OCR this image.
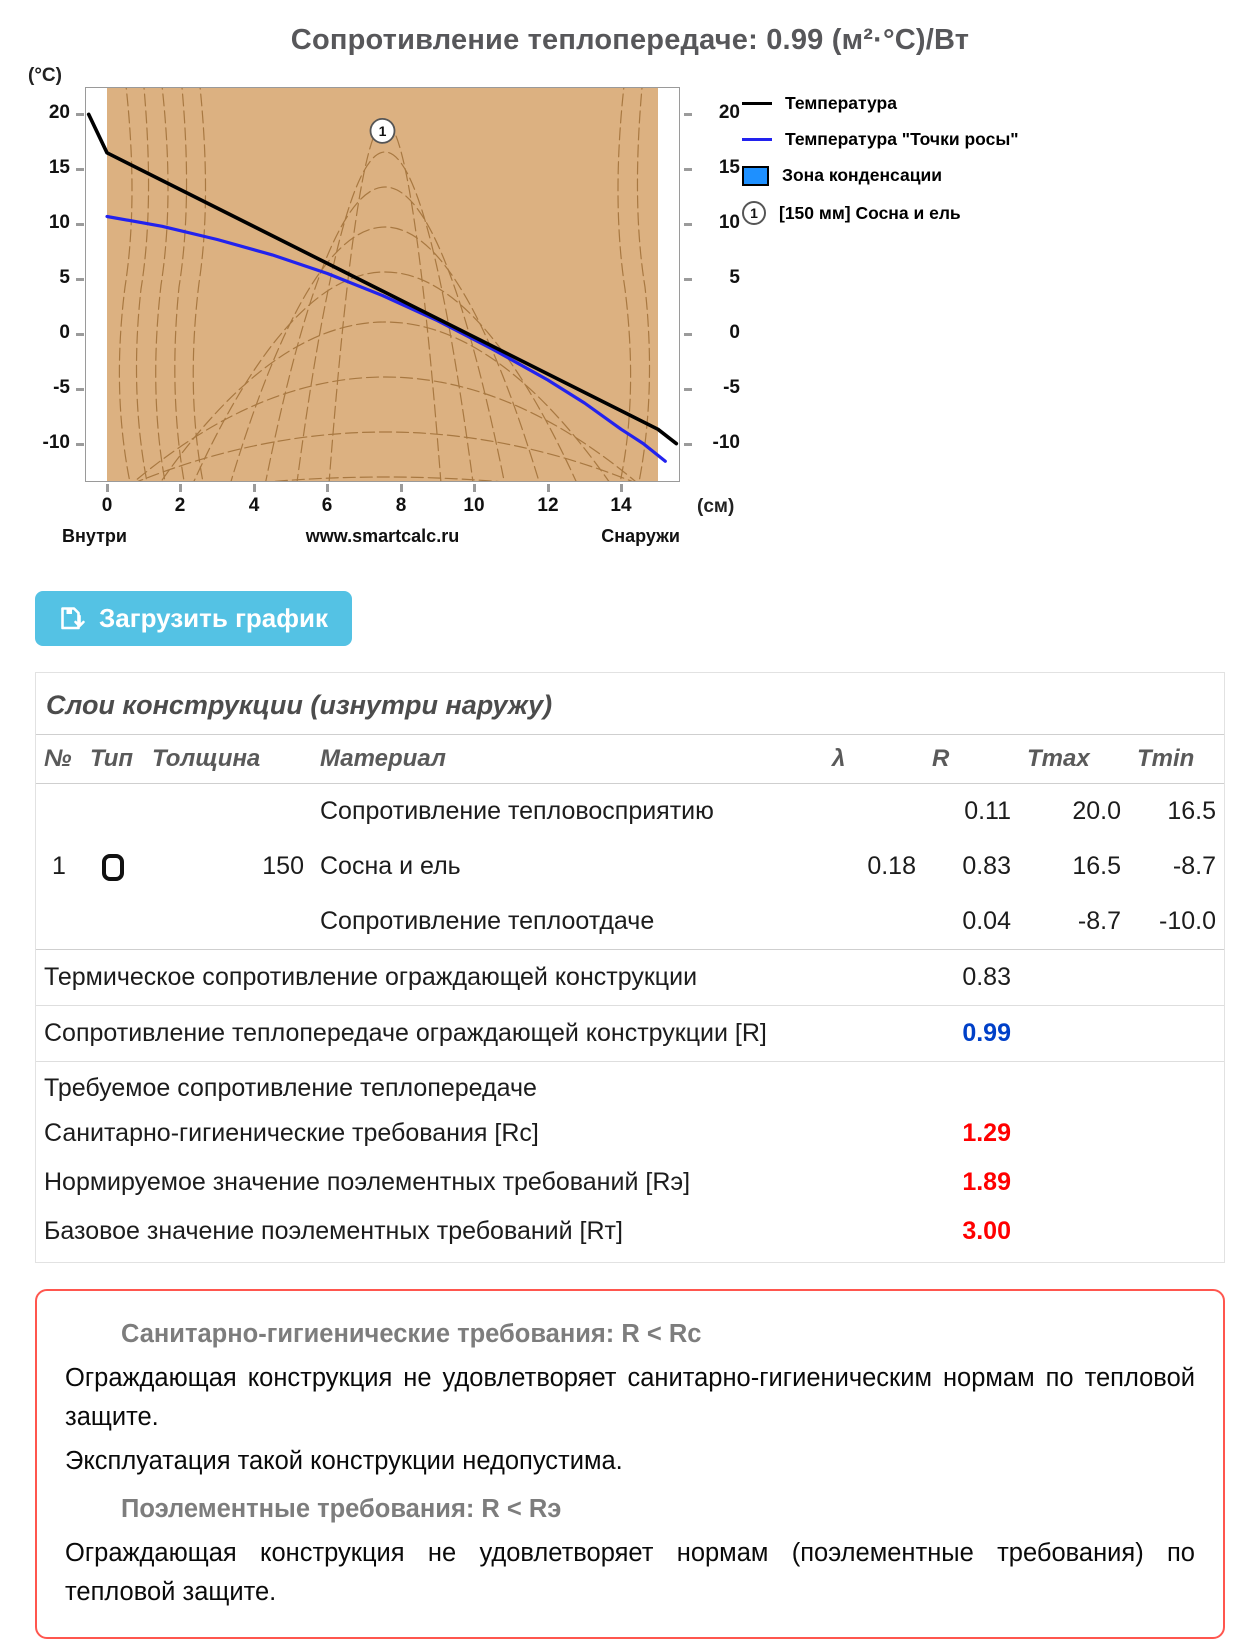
Сопротивление теплопередаче: 0.99 (м²·°С)/Вт
(°C)
1
20
15
10
5
0
-5
-10
20
15
10
5
0
-5
-10
0	2	4	6	8	10	12	14	(см)
Внутри	www.smartcalc.ru	Снаружи
Температура
Температура "Точки росы"
Зона конденсации
1	[150 мм] Сосна и ель
Загрузить график
Слои конструкции (изнутри наружу)
№	Тип	Толщина	Материал	λ	R	Tmax	Tmin
			Сопротивление тепловосприятию		0.11	20.0	16.5
1		150	Сосна и ель	0.18	0.83	16.5	-8.7
			Сопротивление теплоотдаче		0.04	-8.7	-10.0
Термическое сопротивление ограждающей конструкции					0.83		
Сопротивление теплопередаче ограждающей конструкции [R]					0.99		
Требуемое сопротивление теплопередаче							
Санитарно-гигиенические требования [Rc]					1.29		
Нормируемое значение поэлементных требований [Rэ]					1.89		
Базовое значение поэлементных требований [Rт]					3.00		

Санитарно-гигиенические требования: R < Rc

Ограждающая конструкция не удовлетворяет санитарно-гигиеническим нормам по тепловой защите.

Эксплуатация такой конструкции недопустима.

Поэлементные требования: R < Rэ

Ограждающая конструкция не удовлетворяет нормам (поэлементные требования) по тепловой защите.
